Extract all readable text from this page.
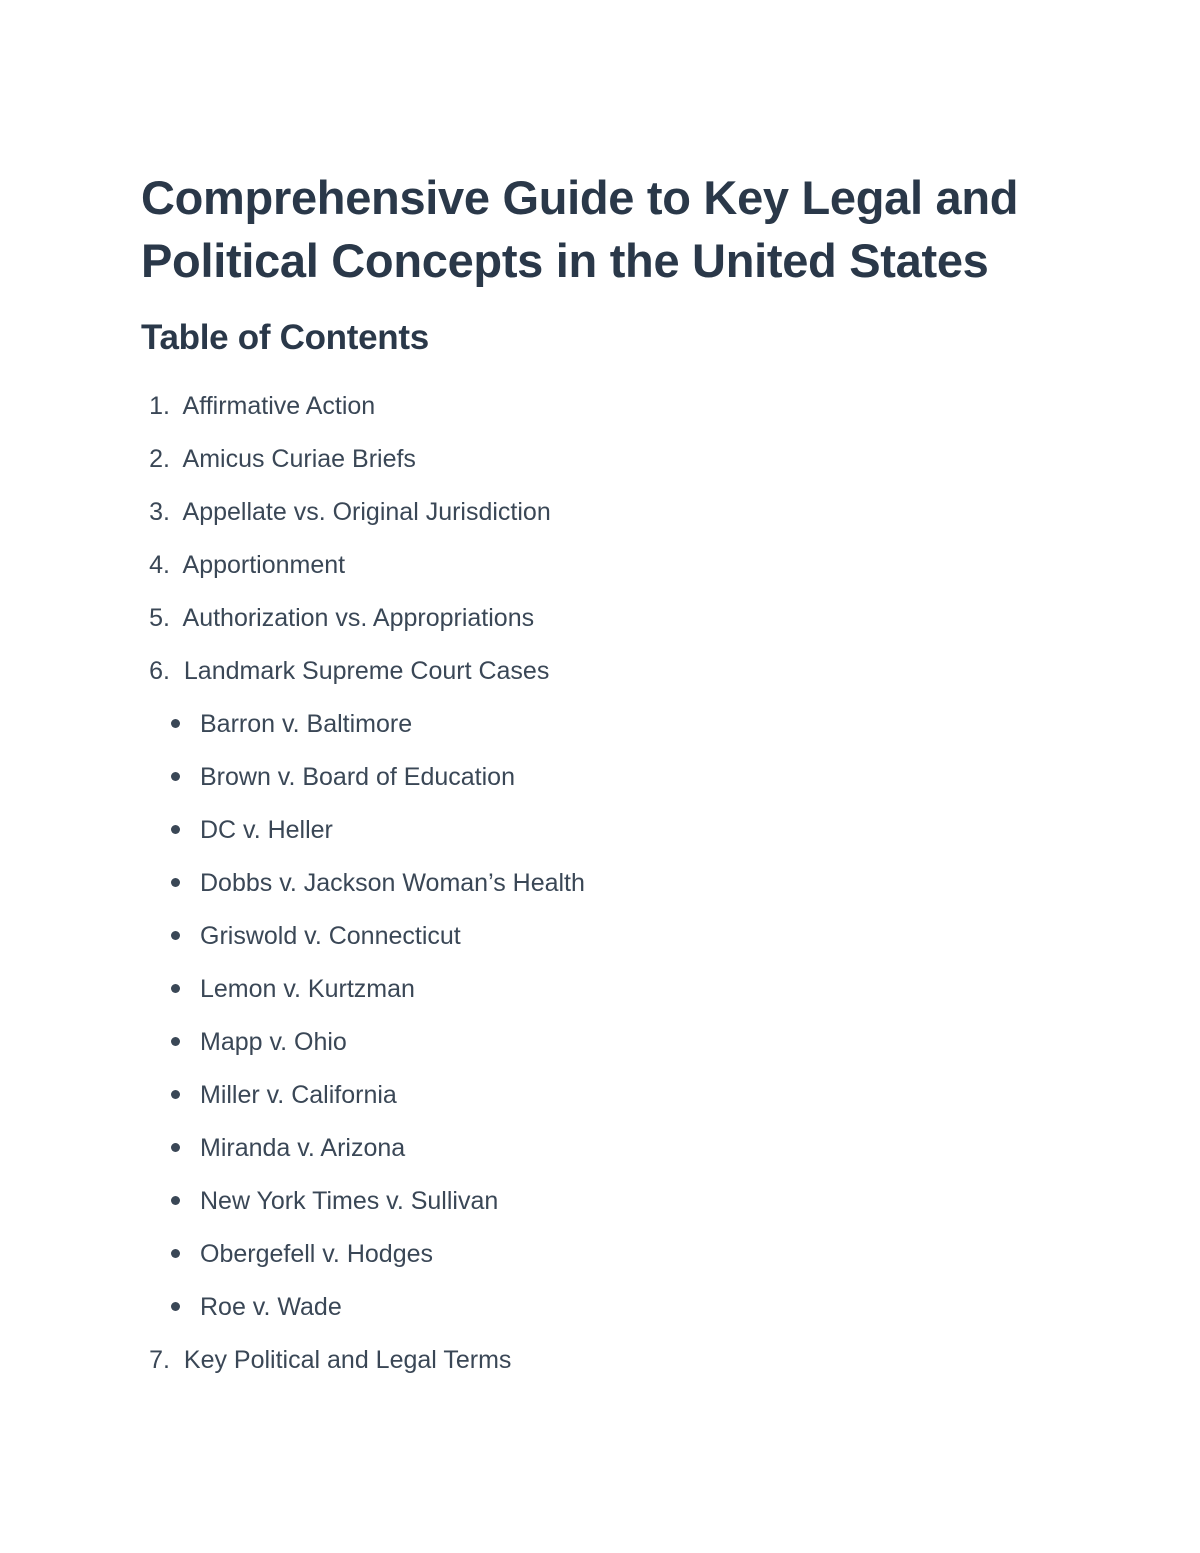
Comprehensive Guide to Key Legal and Political Concepts in the United States
Table of Contents
1.  Affirmative Action
2.  Amicus Curiae Briefs
3.  Appellate vs. Original Jurisdiction
4.  Apportionment
5.  Authorization vs. Appropriations
6.  Landmark Supreme Court Cases
Barron v. Baltimore
Brown v. Board of Education
DC v. Heller
Dobbs v. Jackson Woman’s Health
Griswold v. Connecticut
Lemon v. Kurtzman
Mapp v. Ohio
Miller v. California
Miranda v. Arizona
New York Times v. Sullivan
Obergefell v. Hodges
Roe v. Wade
7.  Key Political and Legal Terms
